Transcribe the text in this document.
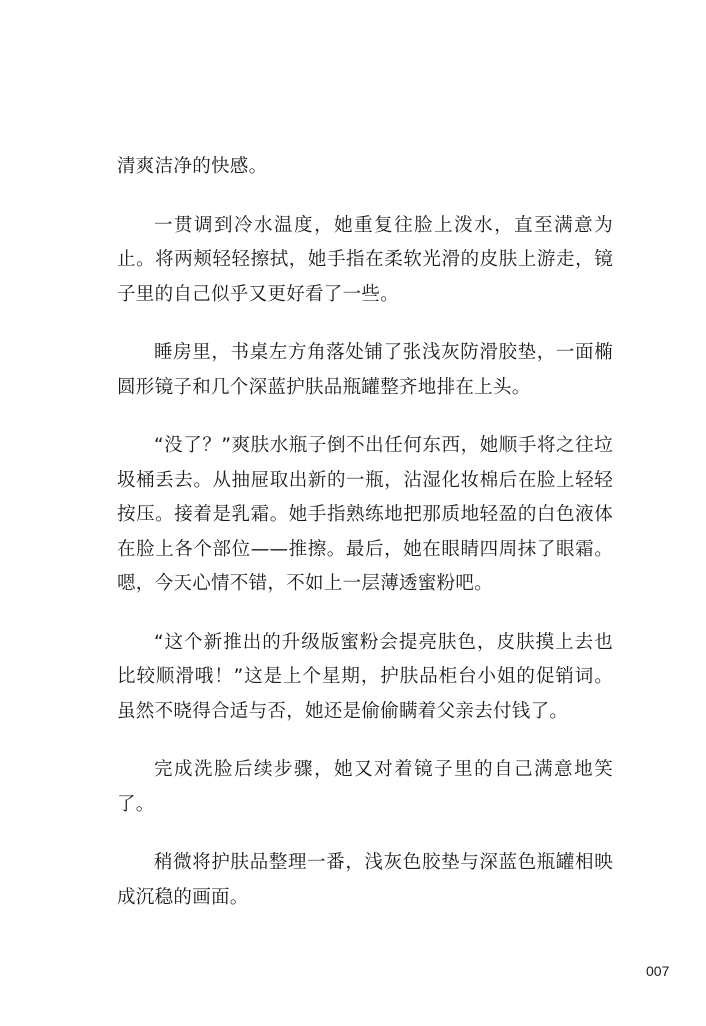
清爽洁净的快感。

一贯调到冷水温度，她重复往脸上泼水，直至满意为止。将两颊轻轻擦拭，她手指在柔软光滑的皮肤上游走，镜子里的自己似乎又更好看了一些。

睡房里，书桌左方角落处铺了张浅灰防滑胶垫，一面椭圆形镜子和几个深蓝护肤品瓶罐整齐地排在上头。

“没了？”爽肤水瓶子倒不出任何东西，她顺手将之往垃圾桶丢去。从抽屉取出新的一瓶，沾湿化妆棉后在脸上轻轻按压。接着是乳霜。她手指熟练地把那质地轻盈的白色液体在脸上各个部位——推擦。最后，她在眼睛四周抹了眼霜。嗯，今天心情不错，不如上一层薄透蜜粉吧。

“这个新推出的升级版蜜粉会提亮肤色，皮肤摸上去也比较顺滑哦！”这是上个星期，护肤品柜台小姐的促销词。虽然不晓得合适与否，她还是偷偷瞒着父亲去付钱了。

完成洗脸后续步骤，她又对着镜子里的自己满意地笑了。

稍微将护肤品整理一番，浅灰色胶垫与深蓝色瓶罐相映成沉稳的画面。

007
